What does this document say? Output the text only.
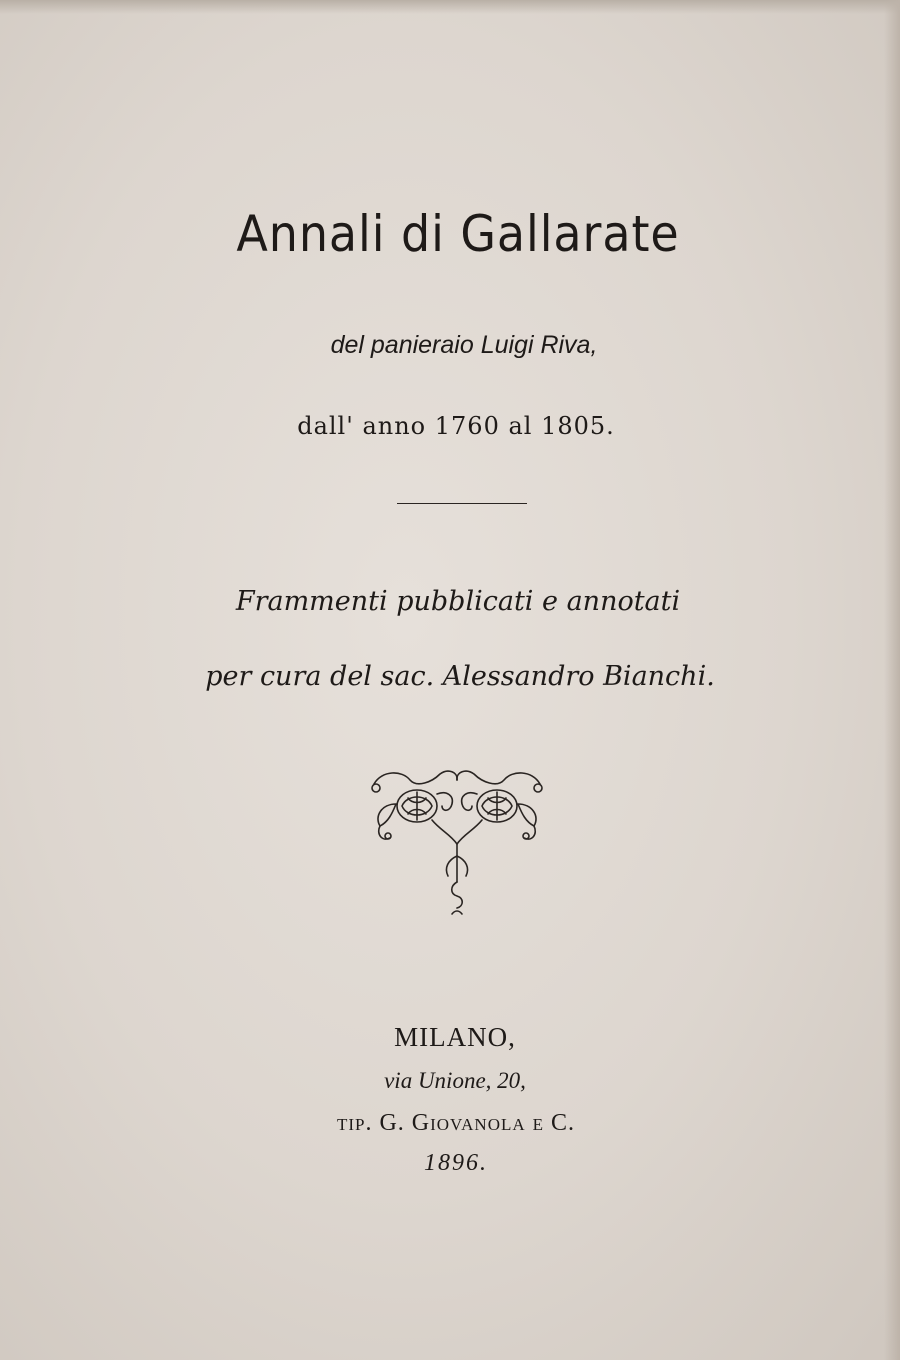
Annali di Gallarate
del panieraio Luigi Riva,
dall' anno 1760 al 1805.
Frammenti pubblicati e annotati
per cura del sac. Alessandro Bianchi.
MILANO,
via Unione, 20,
tip. G. Giovanola e C.
1896.
